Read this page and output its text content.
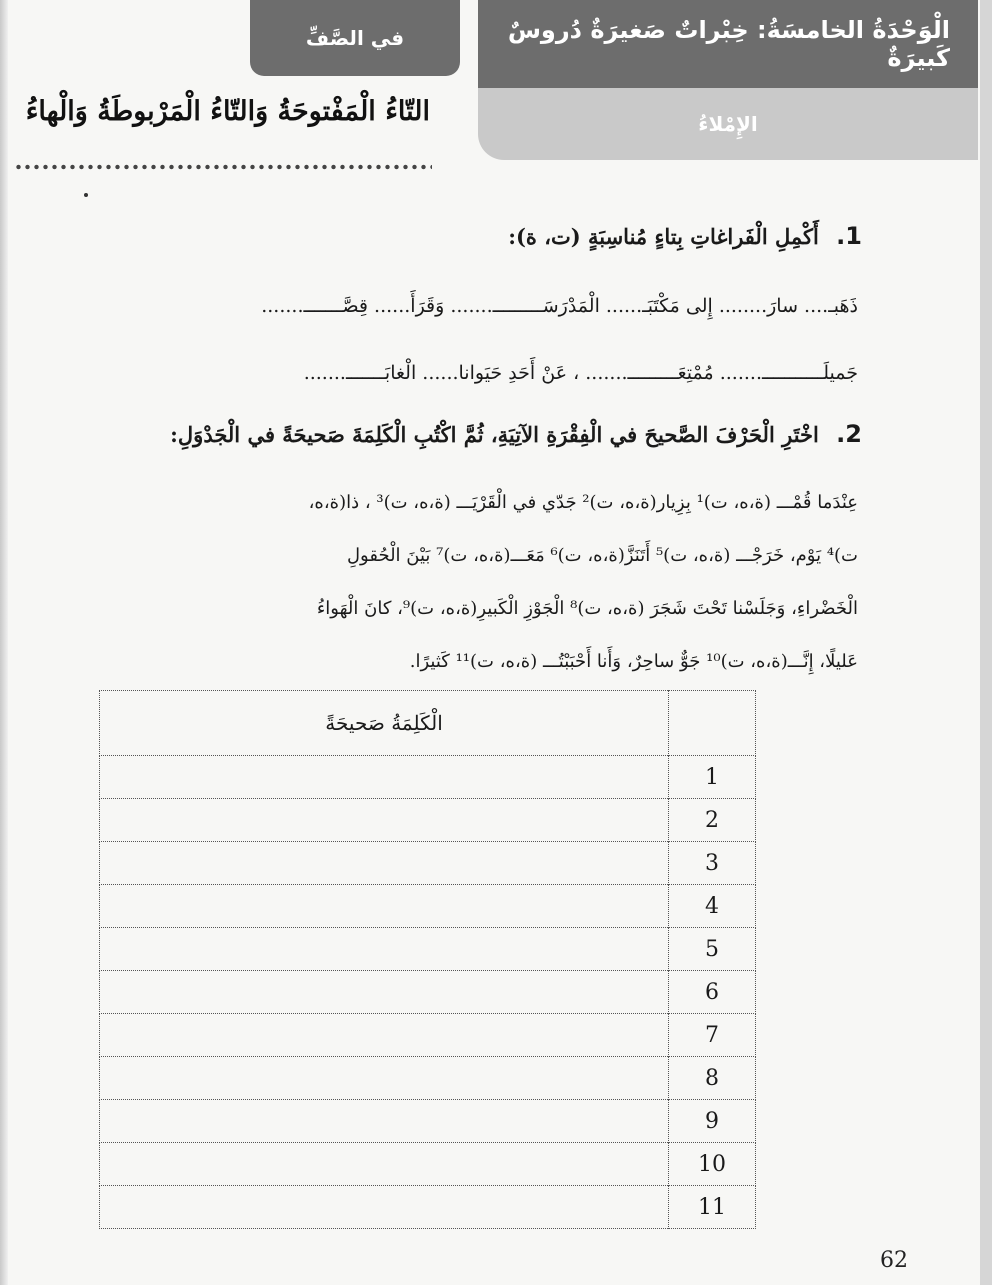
الْوَحْدَةُ الخامسَةُ: خِبْراتٌ صَغيرَةٌ دُروسٌ كَبيرَةٌ
في الصَّفِّ
الإِمْلاءُ
التّاءُ الْمَفْتوحَةُ وَالتّاءُ الْمَرْبوطَةُ وَالْهاءُ
1. أَكْمِلِ الْفَراغاتِ بِتاءٍ مُناسِبَةٍ (ت، ة):
ذَهَبـ.... سارَ........ إِلى مَكْتَبَـ...... الْمَدْرَسَـــــــــ....... وَقَرَأَ...... قِصَّـــــــ.......
جَميلَـــــــــــ....... مُمْتِعَـــــــــ....... ، عَنْ أَحَدِ حَيَوانا...... الْغابَـــــــ.......
2. اخْتَرِ الْحَرْفَ الصَّحيحَ في الْفِقْرَةِ الآتِيَةِ، ثُمَّ اكْتُبِ الْكَلِمَةَ صَحيحَةً في الْجَدْوَلِ:

عِنْدَما قُمْـــ (ة،ه، ت)¹ بِزِيار(ة،ه، ت)² جَدّي في الْقَرْيَـــ (ة،ه، ت)³ ، ذا(ة،ه،

ت)⁴ يَوْم، خَرَجْـــ (ة،ه، ت)⁵ أَتَنَزَّ(ة،ه، ت)⁶ مَعَـــ(ة،ه، ت)⁷ بَيْنَ الْحُقولِ

الْخَضْراءِ، وَجَلَسْنا تَحْتَ شَجَرَ (ة،ه، ت)⁸ الْجَوْزِ الْكَبيرِ(ة،ه، ت)⁹، كانَ الْهَواءُ

عَليلًا، إِنَّـــ(ة،ه، ت)¹⁰ جَوٌّ ساحِرٌ، وَأَنا أَحْبَبْتُـــ (ة،ه، ت)¹¹ كَثيرًا.

	الْكَلِمَةُ صَحيحَةً
1	
2	
3	
4	
5	
6	
7	
8	
9	
10	
11	
62
